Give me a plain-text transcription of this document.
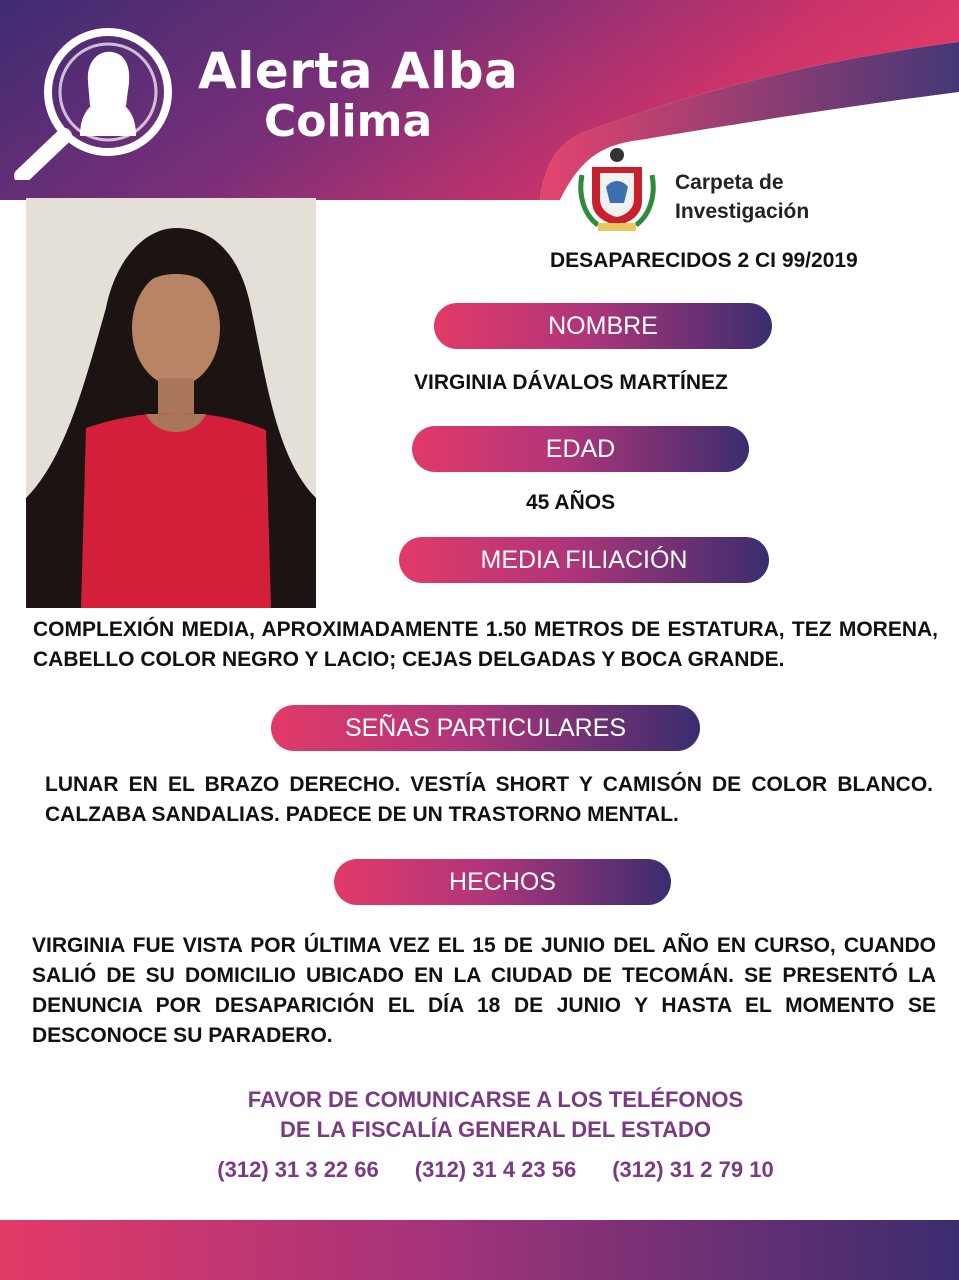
Alerta Alba
Colima
Carpeta de
Investigación
DESAPARECIDOS 2 CI 99/2019
NOMBRE
VIRGINIA DÁVALOS MARTÍNEZ
EDAD
45 AÑOS
MEDIA FILIACIÓN
COMPLEXIÓN MEDIA, APROXIMADAMENTE 1.50 METROS DE ESTATURA, TEZ MORENA, CABELLO COLOR NEGRO Y LACIO; CEJAS DELGADAS Y BOCA GRANDE.
SEÑAS PARTICULARES
LUNAR EN EL BRAZO DERECHO. VESTÍA SHORT Y CAMISÓN DE COLOR BLANCO. CALZABA SANDALIAS. PADECE DE UN TRASTORNO MENTAL.
HECHOS
VIRGINIA FUE VISTA POR ÚLTIMA VEZ EL 15 DE JUNIO DEL AÑO EN CURSO, CUANDO SALIÓ DE SU DOMICILIO UBICADO EN LA CIUDAD DE TECOMÁN. SE PRESENTÓ LA DENUNCIA POR DESAPARICIÓN EL DÍA 18 DE JUNIO Y HASTA EL MOMENTO SE DESCONOCE SU PARADERO.
FAVOR DE COMUNICARSE A LOS TELÉFONOS
DE LA FISCALÍA GENERAL DEL ESTADO
(312) 31 3 22 66 (312) 31 4 23 56 (312) 31 2 79 10
